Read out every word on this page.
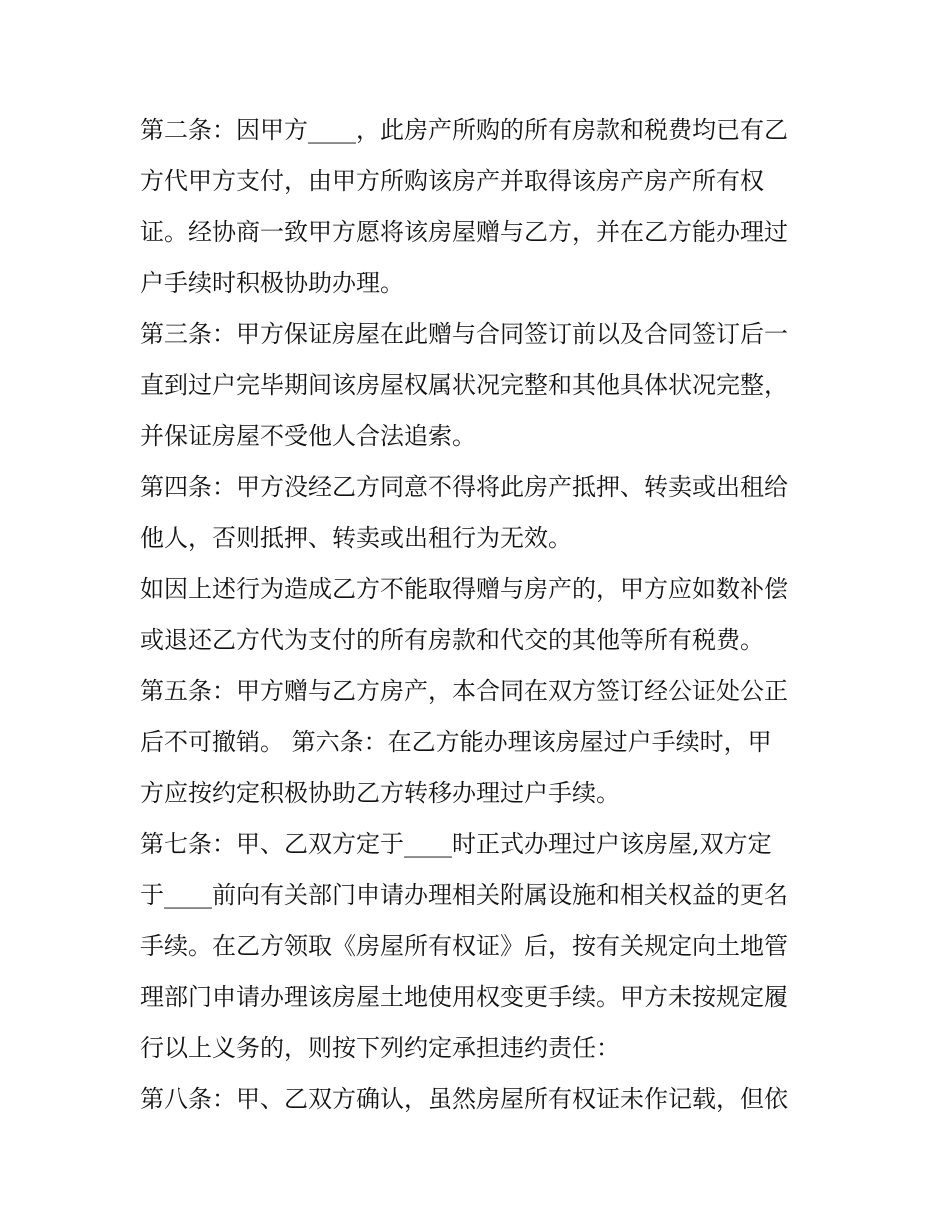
第二条：因甲方____，此房产所购的所有房款和税费均已有乙
方代甲方支付，由甲方所购该房产并取得该房产房产所有权
证。经协商一致甲方愿将该房屋赠与乙方，并在乙方能办理过
户手续时积极协助办理。
第三条：甲方保证房屋在此赠与合同签订前以及合同签订后一
直到过户完毕期间该房屋权属状况完整和其他具体状况完整，
并保证房屋不受他人合法追索。
第四条：甲方没经乙方同意不得将此房产抵押、转卖或出租给
他人，否则抵押、转卖或出租行为无效。
如因上述行为造成乙方不能取得赠与房产的，甲方应如数补偿
或退还乙方代为支付的所有房款和代交的其他等所有税费。
第五条：甲方赠与乙方房产，本合同在双方签订经公证处公正
后不可撤销。 第六条：在乙方能办理该房屋过户手续时，甲
方应按约定积极协助乙方转移办理过户手续。
第七条：甲、乙双方定于____时正式办理过户该房屋,双方定
于____前向有关部门申请办理相关附属设施和相关权益的更名
手续。在乙方领取《房屋所有权证》后，按有关规定向土地管
理部门申请办理该房屋土地使用权变更手续。甲方未按规定履
行以上义务的，则按下列约定承担违约责任：
第八条：甲、乙双方确认，虽然房屋所有权证未作记载，但依
